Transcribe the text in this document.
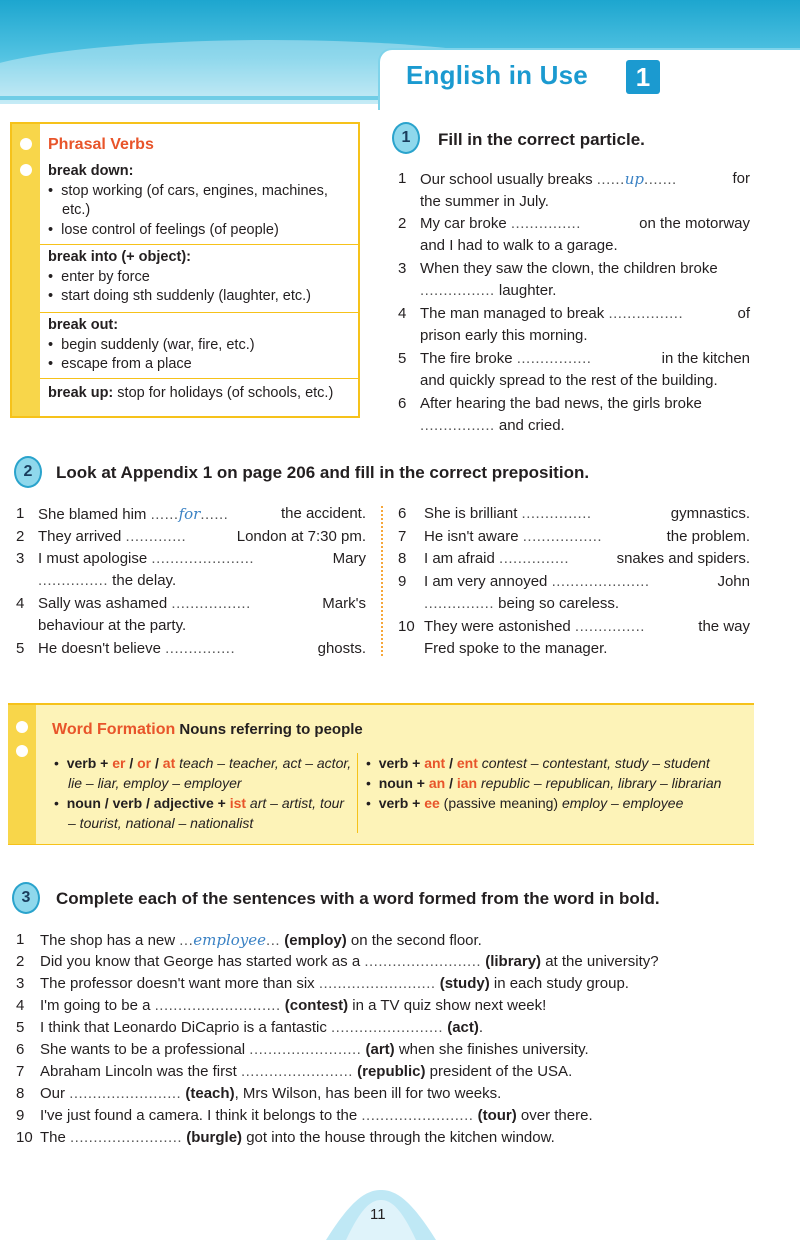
English in Use	1
Phrasal Verbs
break down:
•  stop working (of cars, engines, machines, etc.)
•  lose control of feelings (of people)
break into (+ object):
•  enter by force
•  start doing sth suddenly (laughter, etc.)
break out:
•  begin suddenly (war, fire, etc.)
•  escape from a place
break up: stop for holidays (of schools, etc.)
1	Fill in the correct particle.
1 Our school usually breaks ......up.......	for
the summer in July.
2 My car broke ...............	on the motorway
and I had to walk to a garage.
3 When they saw the clown, the children broke
................ laughter.
4 The man managed to break ................	of
prison early this morning.
5 The fire broke ................	in the kitchen
and quickly spread to the rest of the building.
6 After hearing the bad news, the girls broke
................ and cried.
2	Look at Appendix 1 on page 206 and fill in the correct preposition.
1 She blamed him ......for......	the accident.
2 They arrived .............	London at 7:30 pm.
3 I must apologise ......................	Mary
............... the delay.
4 Sally was ashamed .................	Mark's
behaviour at the party.
5 He doesn't believe ...............	ghosts.
6 She is brilliant ...............	gymnastics.
7 He isn't aware .................	the problem.
8 I am afraid ...............	snakes and spiders.
9 I am very annoyed .....................	John
............... being so careless.
10 They were astonished ...............	the way
Fred spoke to the manager.
Word Formation Nouns referring to people
•  verb + er / or / at teach – teacher, act – actor, lie – liar, employ – employer
•  noun / verb / adjective + ist art – artist, tour – tourist, national – nationalist
•  verb + ant / ent contest – contestant, study – student
•  noun + an / ian republic – republican, library – librarian
•  verb + ee (passive meaning) employ – employee
3	Complete each of the sentences with a word formed from the word in bold.
1 The shop has a new ...employee... (employ) on the second floor.
2 Did you know that George has started work as a ......................... (library) at the university?
3 The professor doesn't want more than six ......................... (study) in each study group.
4 I'm going to be a ........................... (contest) in a TV quiz show next week!
5 I think that Leonardo DiCaprio is a fantastic ........................ (act).
6 She wants to be a professional ........................ (art) when she finishes university.
7 Abraham Lincoln was the first ........................ (republic) president of the USA.
8 Our ........................ (teach), Mrs Wilson, has been ill for two weeks.
9 I've just found a camera. I think it belongs to the ........................ (tour) over there.
10 The ........................ (burgle) got into the house through the kitchen window.
11
